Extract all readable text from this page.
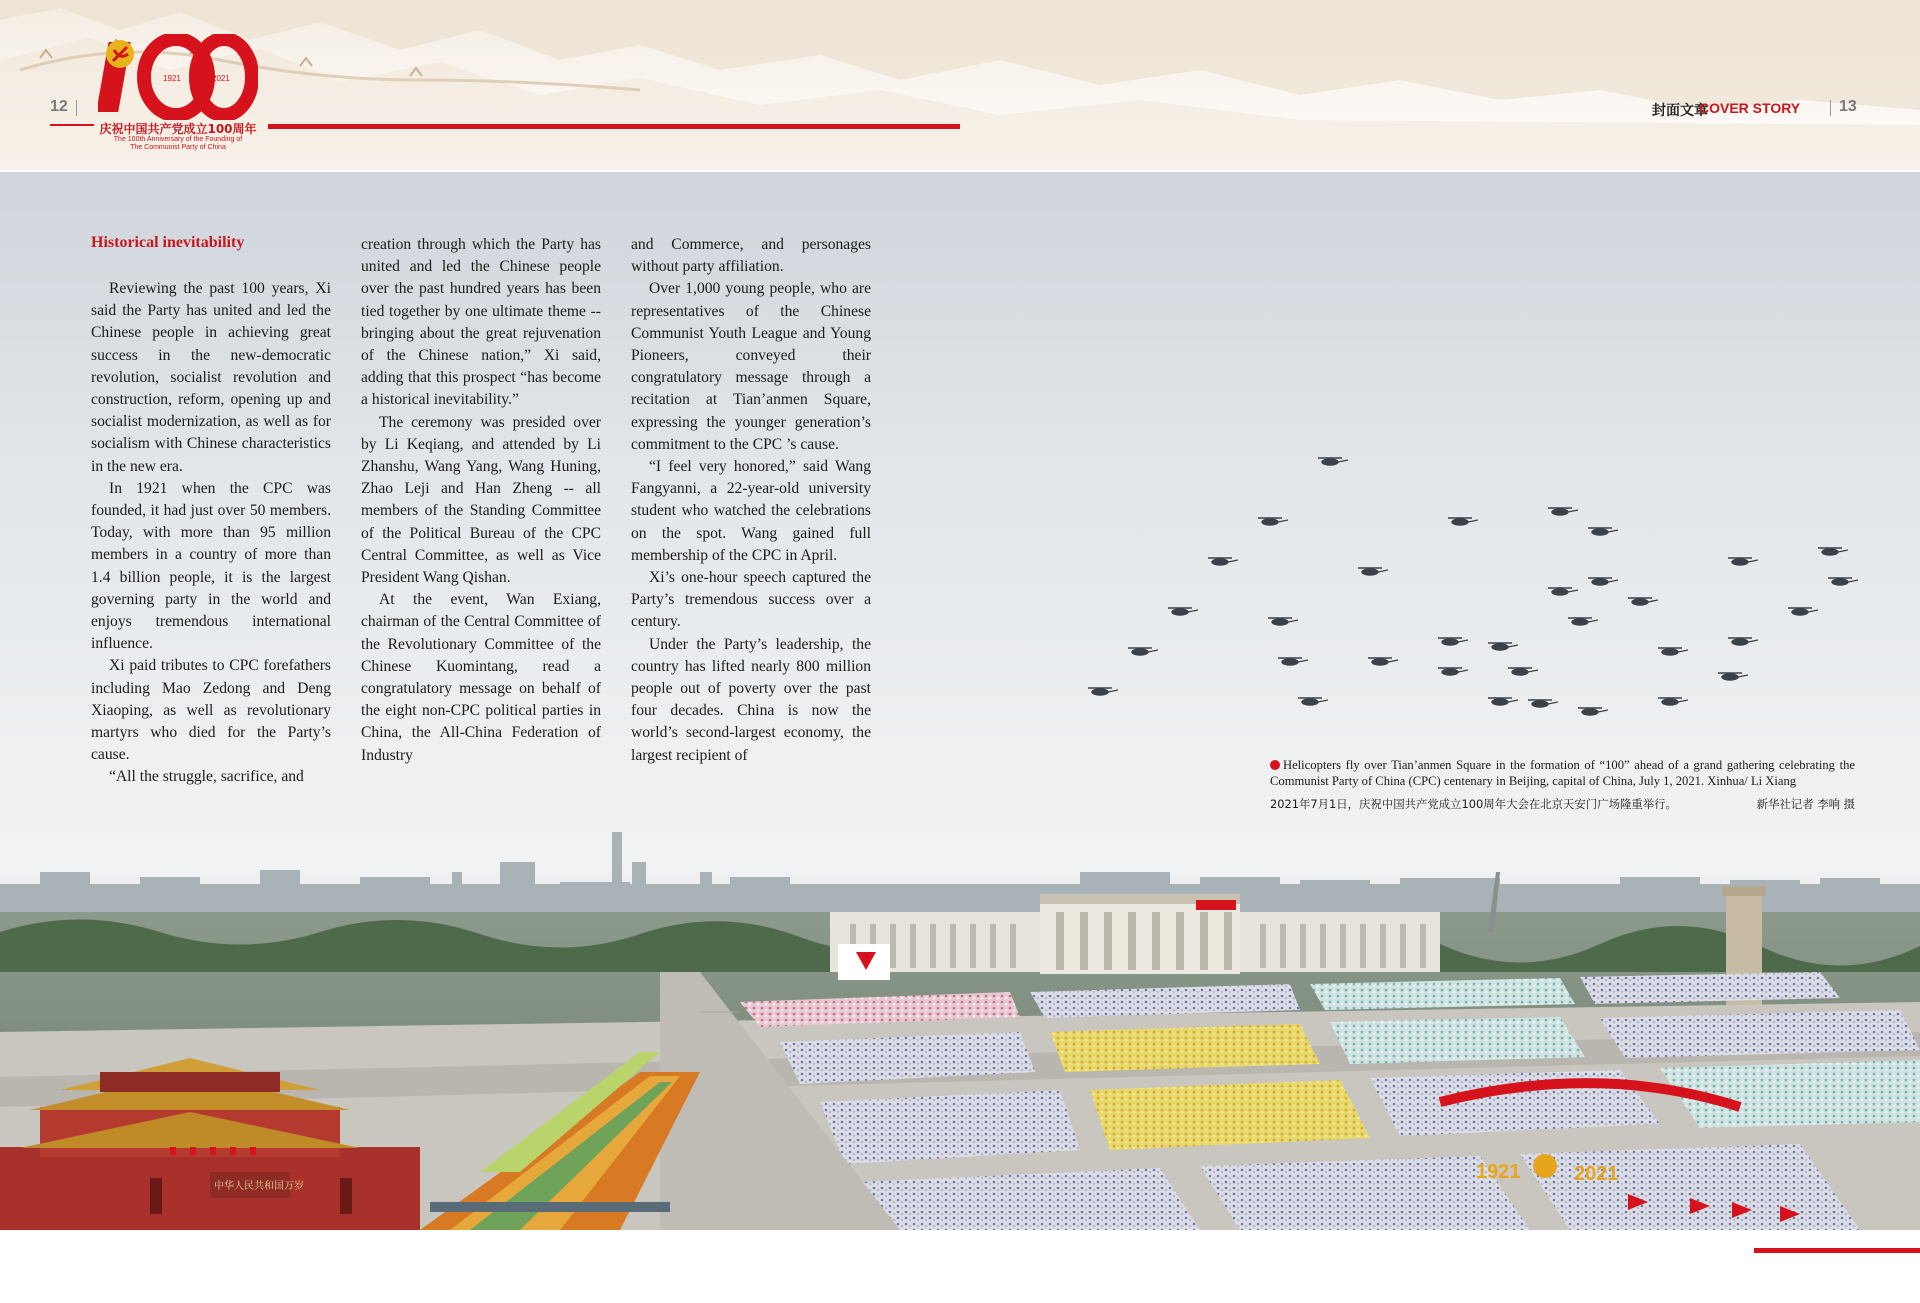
1921	2021
庆祝中国共产党成立100周年
The 100th Anniversary of the Founding of
The Communist Party of China
12	封面文章
COVER STORY 13
1921	2021
中华人民共和国万岁
Historical inevitability

Reviewing the past 100 years, Xi said the Party has united and led the Chinese people in achieving great success in the new-democratic revolution, socialist revolution and construction, reform, opening up and socialist modernization, as well as for socialism with Chinese characteristics in the new era.

In 1921 when the CPC was founded, it had just over 50 members. Today, with more than 95 million members in a country of more than 1.4 billion people, it is the largest governing party in the world and enjoys tremendous international influence.

Xi paid tributes to CPC forefathers including Mao Zedong and Deng Xiaoping, as well as revolutionary martyrs who died for the Party’s cause.

“All the struggle, sacrifice, and

creation through which the Party has united and led the Chinese people over the past hundred years has been tied together by one ultimate theme -- bringing about the great rejuvenation of the Chinese nation,” Xi said, adding that this prospect “has become a historical inevitability.”

The ceremony was presided over by Li Keqiang, and attended by Li Zhanshu, Wang Yang, Wang Huning, Zhao Leji and Han Zheng -- all members of the Standing Committee of the Political Bureau of the CPC Central Committee, as well as Vice President Wang Qishan.

At the event, Wan Exiang, chairman of the Central Committee of the Revolutionary Committee of the Chinese Kuomintang, read a congratulatory message on behalf of the eight non-CPC political parties in China, the All-China Federation of Industry

and Commerce, and personages without party affiliation.

Over 1,000 young people, who are representatives of the Chinese Communist Youth League and Young Pioneers, conveyed their congratulatory message through a recitation at Tian’anmen Square, expressing the younger generation’s commitment to the CPC ’s cause.

“I feel very honored,” said Wang Fangyanni, a 22-year-old university student who watched the celebrations on the spot. Wang gained full membership of the CPC in April.

Xi’s one-hour speech captured the Party’s tremendous success over a century.

Under the Party’s leadership, the country has lifted nearly 800 million people out of poverty over the past four decades. China is now the world’s second-largest economy, the largest recipient of

Helicopters fly over Tian’anmen Square in the formation of “100” ahead of a grand gathering celebrating the Communist Party of China (CPC) centenary in Beijing, capital of China, July 1, 2021. Xinhua/ Li Xiang
2021年7月1日，庆祝中国共产党成立100周年大会在北京天安门广场隆重举行。	新华社记者 李响 摄
